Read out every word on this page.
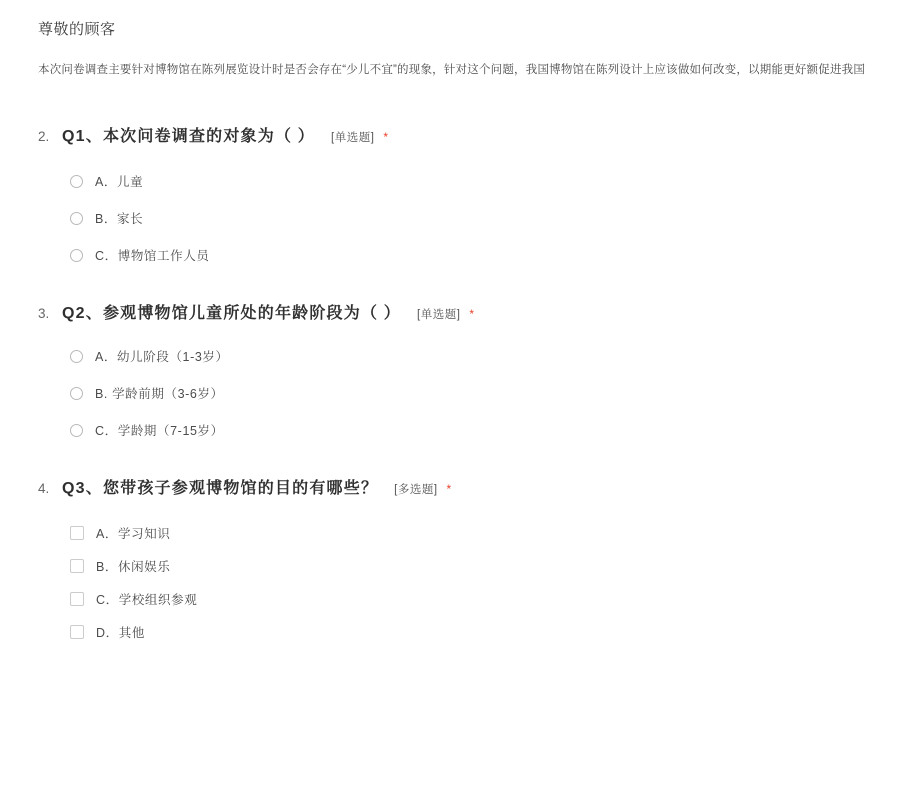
尊敬的顾客
本次问卷调查主要针对博物馆在陈列展览设计时是否会存在“少儿不宜”的现象，针对这个问题，我国博物馆在陈列设计上应该做如何改变，以期能更好额促进我国
2. Q1、本次问卷调查的对象为（ ） [单选题] *
A．儿童
B．家长
C．博物馆工作人员
3. Q2、参观博物馆儿童所处的年龄阶段为（ ） [单选题] *
A．幼儿阶段（1-3岁）
B. 学龄前期（3-6岁）
C．学龄期（7-15岁）
4. Q3、您带孩子参观博物馆的目的有哪些？ [多选题] *
A．学习知识
B．休闲娱乐
C．学校组织参观
D．其他
